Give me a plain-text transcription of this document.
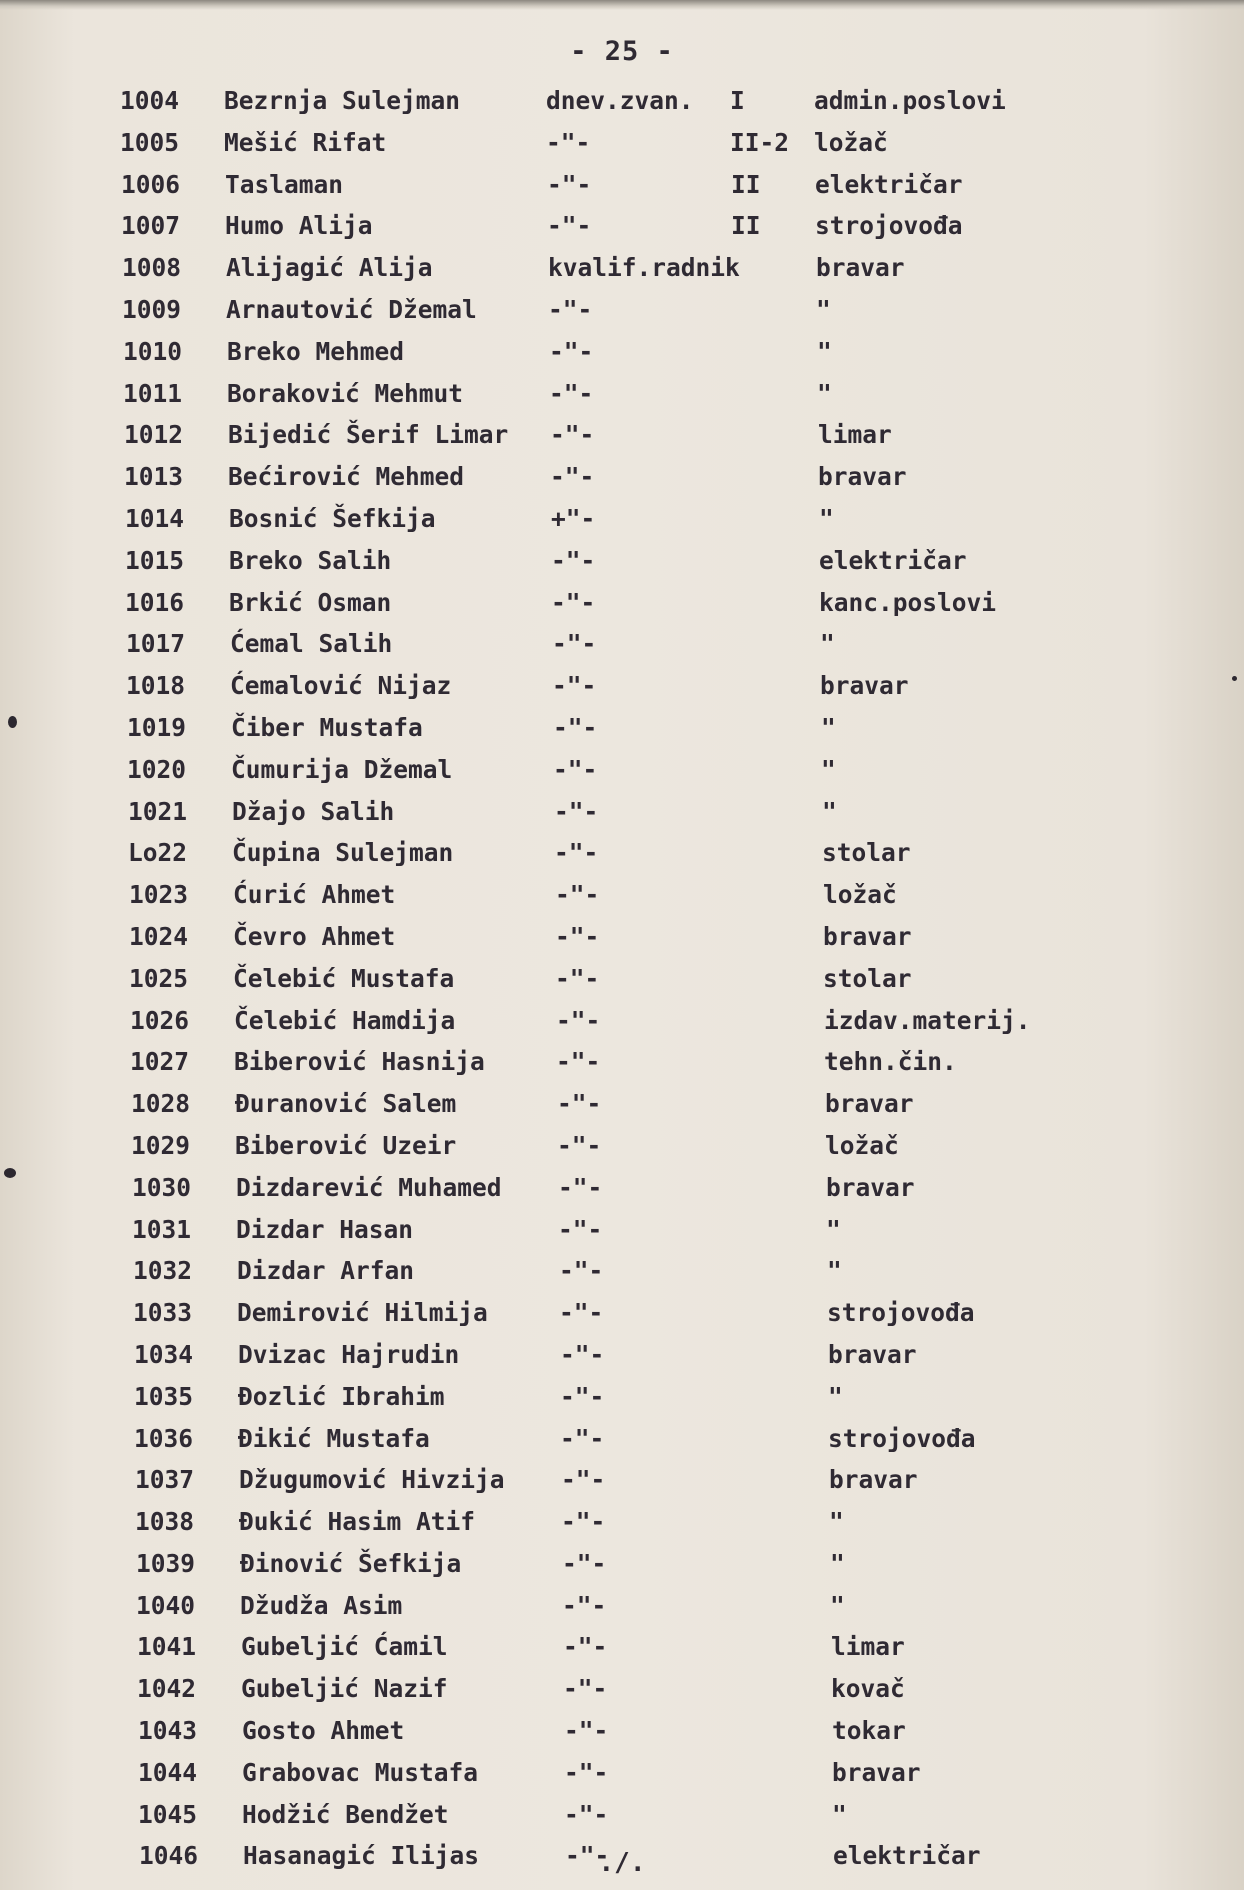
- 25 -
1004 Bezrnja Sulejman	dnev.zvan. I	admin.poslovi
1005 Mešić Rifat	-"-	II-2 ložač
1006 Taslaman	-"-	II električar
1007 Humo Alija	-"-	II strojovođa
1008 Alijagić Alija	kvalif.radnik	bravar
1009 Arnautović Džemal	-"-	"
1010 Breko Mehmed	-"-	"
1011 Boraković Mehmut	-"-	"
1012 Bijedić Šerif Limar -"-	limar
1013 Bećirović Mehmed	-"-	bravar
1014 Bosnić Šefkija	+"-	"
1015 Breko Salih	-"-	električar
1016 Brkić Osman	-"-	kanc.poslovi
1017 Ćemal Salih	-"-	"
1018 Ćemalović Nijaz	-"-	bravar
1019 Čiber Mustafa	-"-	"
1020 Čumurija Džemal	-"-	"
1021 Džajo Salih	-"-	"
Lo22 Čupina Sulejman	-"-	stolar
1023 Ćurić Ahmet	-"-	ložač
1024 Čevro Ahmet	-"-	bravar
1025 Čelebić Mustafa	-"-	stolar
1026 Čelebić Hamdija	-"-	izdav.materij.
1027 Biberović Hasnija	-"-	tehn.čin.
1028 Đuranović Salem	-"-	bravar
1029 Biberović Uzeir	-"-	ložač
1030 Dizdarević Muhamed -"-	bravar
1031 Dizdar Hasan	-"-	"
1032 Dizdar Arfan	-"-	"
1033 Demirović Hilmija	-"-	strojovođa
1034 Dvizac Hajrudin	-"-	bravar
1035 Đozlić Ibrahim	-"-	"
1036 Đikić Mustafa	-"-	strojovođa
1037 Džugumović Hivzija -"-	bravar
1038 Đukić Hasim Atif	-"-	"
1039 Đinović Šefkija	-"-	"
1040 Džudža Asim	-"-	"
1041 Gubeljić Ćamil	-"-	limar
1042 Gubeljić Nazif	-"-	kovač
1043 Gosto Ahmet	-"-	tokar
1044 Grabovac Mustafa	-"-	bravar
1045 Hodžić Bendžet	-"-	"
1046 Hasanagić Ilijas	-"-	električar
./.
